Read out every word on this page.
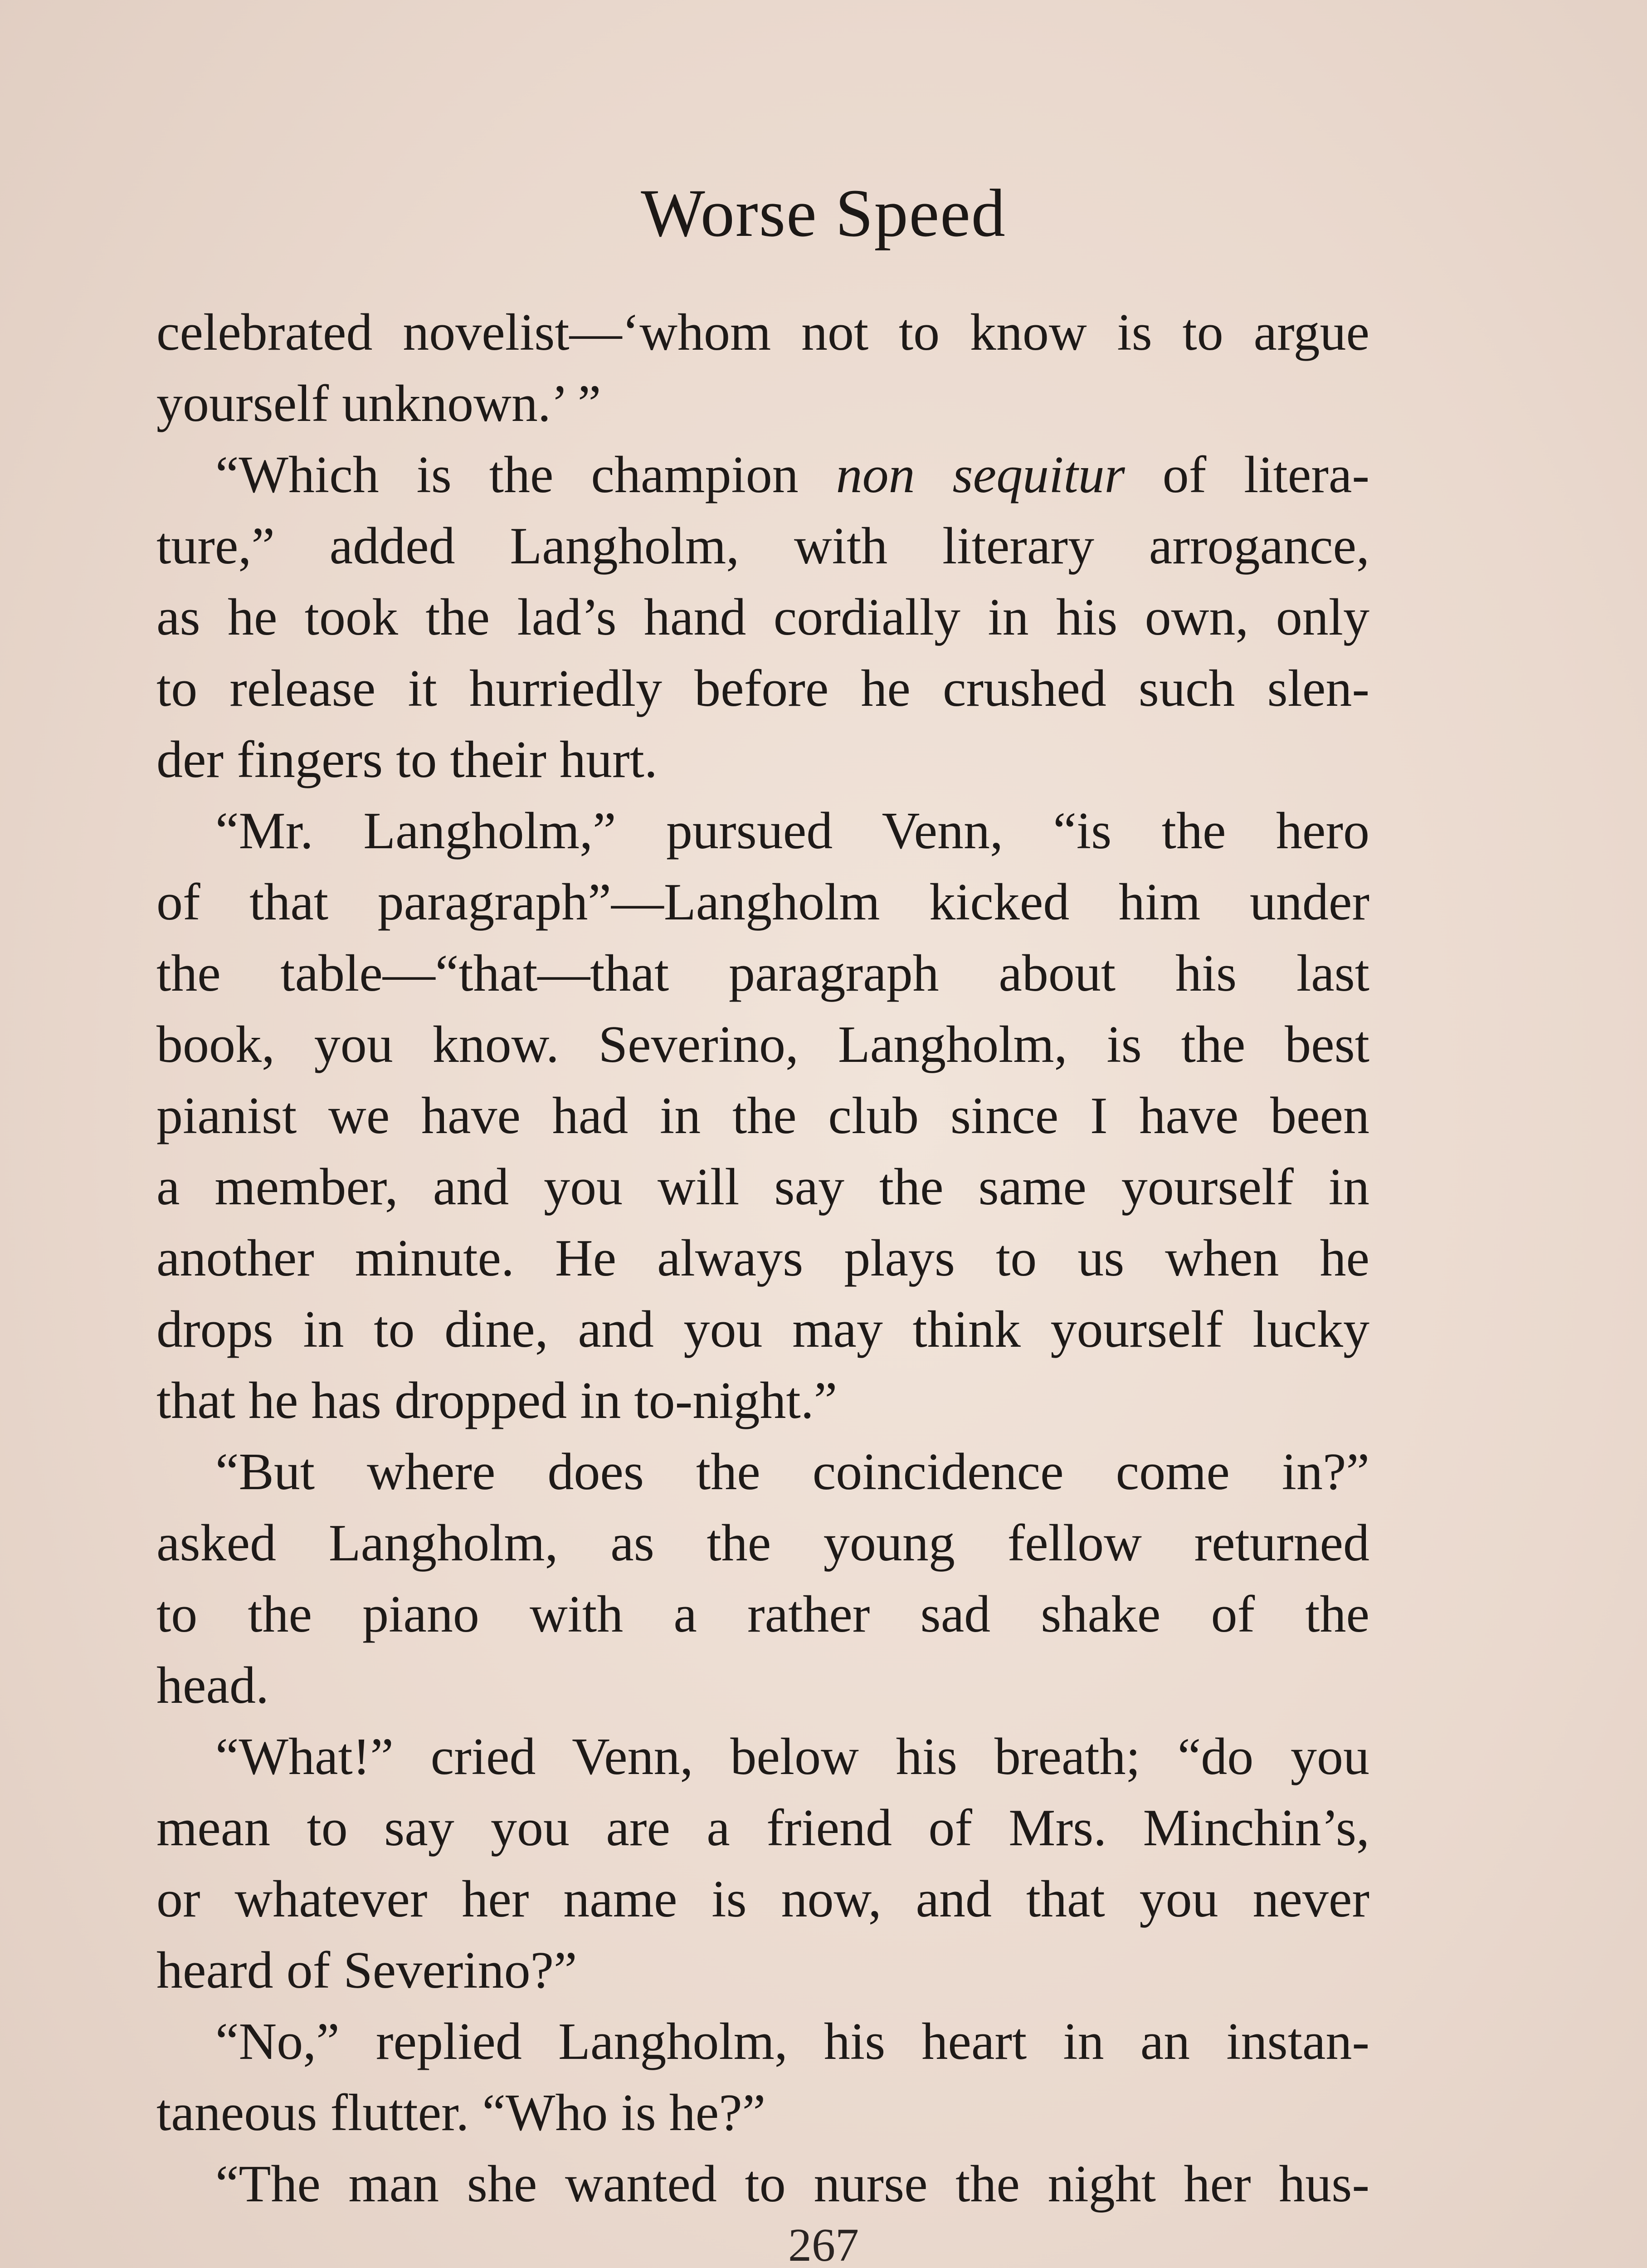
Worse Speed
celebrated novelist—‘whom not to know is to argue
yourself unknown.’ ”
“Which is the champion non sequitur of litera-
ture,” added Langholm, with literary arrogance,
as he took the lad’s hand cordially in his own, only
to release it hurriedly before he crushed such slen-
der fingers to their hurt.
“Mr. Langholm,” pursued Venn, “is the hero
of that paragraph”—Langholm kicked him under
the table—“that—that paragraph about his last
book, you know. Severino, Langholm, is the best
pianist we have had in the club since I have been
a member, and you will say the same yourself in
another minute. He always plays to us when he
drops in to dine, and you may think yourself lucky
that he has dropped in to-night.”
“But where does the coincidence come in?”
asked Langholm, as the young fellow returned
to the piano with a rather sad shake of the
head.
“What!” cried Venn, below his breath; “do you
mean to say you are a friend of Mrs. Minchin’s,
or whatever her name is now, and that you never
heard of Severino?”
“No,” replied Langholm, his heart in an instan-
taneous flutter. “Who is he?”
“The man she wanted to nurse the night her hus-
267
